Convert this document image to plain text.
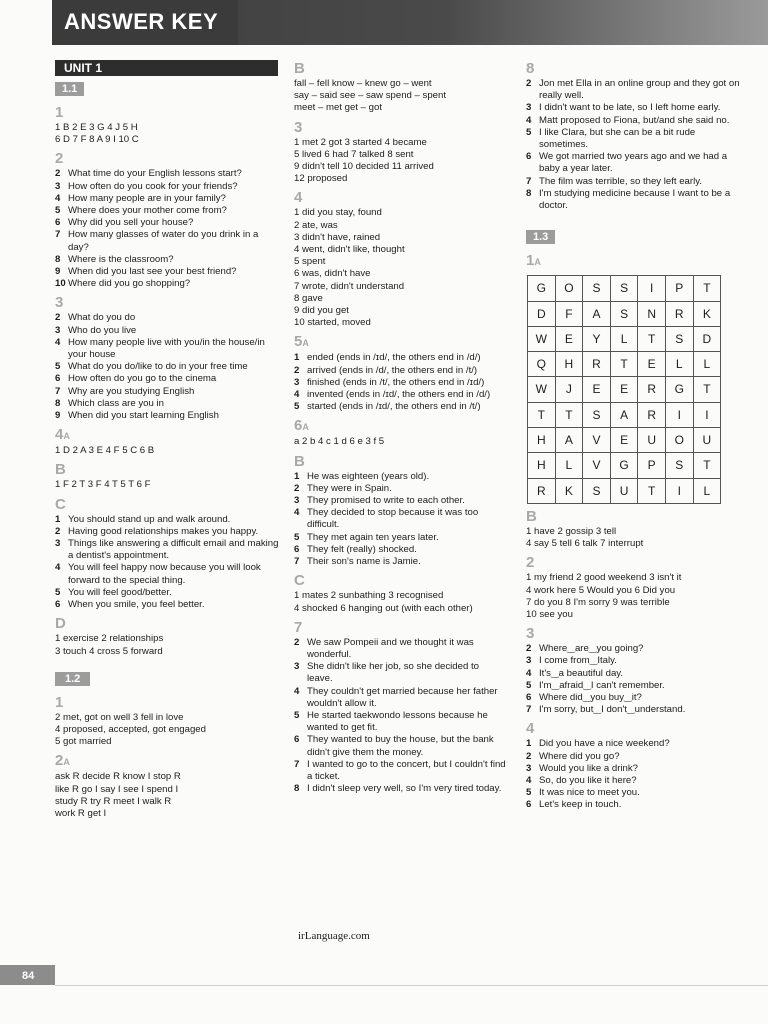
ANSWER KEY
UNIT 1
1.1
1
1 B 2 E 3 G 4 J 5 H
6 D 7 F 8 A 9 I 10 C
2
2 What time do your English lessons start?
3 How often do you cook for your friends?
4 How many people are in your family?
5 Where does your mother come from?
6 Why did you sell your house?
7 How many glasses of water do you drink in a day?
8 Where is the classroom?
9 When did you last see your best friend?
10 Where did you go shopping?
3
2 What do you do
3 Who do you live
4 How many people live with you/in the house/in your house
5 What do you do/like to do in your free time
6 How often do you go to the cinema
7 Why are you studying English
8 Which class are you in
9 When did you start learning English
4A
1 D 2 A 3 E 4 F 5 C 6 B
B
1 F 2 T 3 F 4 T 5 T 6 F
C
1 You should stand up and walk around.
2 Having good relationships makes you happy.
3 Things like answering a difficult email and making a dentist's appointment.
4 You will feel happy now because you will look forward to the special thing.
5 You will feel good/better.
6 When you smile, you feel better.
D
1 exercise 2 relationships
3 touch 4 cross 5 forward
1.2
1
2 met, got on well 3 fell in love
4 proposed, accepted, got engaged
5 got married
2A
ask R decide R know I stop R
like R go I say I see I spend I
study R try R meet I walk R
work R get I
B
fall – fell know – knew go – went
say – said see – saw spend – spent
meet – met get – got
3
1 met 2 got 3 started 4 became
5 lived 6 had 7 talked 8 sent
9 didn't tell 10 decided 11 arrived
12 proposed
4
1 did you stay, found
2 ate, was
3 didn't have, rained
4 went, didn't like, thought
5 spent
6 was, didn't have
7 wrote, didn't understand
8 gave
9 did you get
10 started, moved
5A
1 ended (ends in /ɪd/, the others end in /d/)
2 arrived (ends in /d/, the others end in /t/)
3 finished (ends in /t/, the others end in /ɪd/)
4 invented (ends in /ɪd/, the others end in /d/)
5 started (ends in /ɪd/, the others end in /t/)
6A
a 2 b 4 c 1 d 6 e 3 f 5
B
1 He was eighteen (years old).
2 They were in Spain.
3 They promised to write to each other.
4 They decided to stop because it was too difficult.
5 They met again ten years later.
6 They felt (really) shocked.
7 Their son's name is Jamie.
C
1 mates 2 sunbathing 3 recognised
4 shocked 6 hanging out (with each other)
7
2 We saw Pompeii and we thought it was wonderful.
3 She didn't like her job, so she decided to leave.
4 They couldn't get married because her father wouldn't allow it.
5 He started taekwondo lessons because he wanted to get fit.
6 They wanted to buy the house, but the bank didn't give them the money.
7 I wanted to go to the concert, but I couldn't find a ticket.
8 I didn't sleep very well, so I'm very tired today.
8
2 Jon met Ella in an online group and they got on really well.
3 I didn't want to be late, so I left home early.
4 Matt proposed to Fiona, but/and she said no.
5 I like Clara, but she can be a bit rude sometimes.
6 We got married two years ago and we had a baby a year later.
7 The film was terrible, so they left early.
8 I'm studying medicine because I want to be a doctor.
1.3
1A
G	O	S	S	I	P	T
D	F	A	S	N	R	K
W	E	Y	L	T	S	D
Q	H	R	T	E	L	L
W	J	E	E	R	G	T
T	T	S	A	R	I	I
H	A	V	E	U	O	U
H	L	V	G	P	S	T
R	K	S	U	T	I	L
B
1 have 2 gossip 3 tell
4 say 5 tell 6 talk 7 interrupt
2
1 my friend 2 good weekend 3 isn't it
4 work here 5 Would you 6 Did you
7 do you 8 I'm sorry 9 was terrible
10 see you
3
2 Where‿are‿you going?
3 I come from‿Italy.
4 It's‿a beautiful day.
5 I'm‿afraid‿I can't remember.
6 Where did‿you buy‿it?
7 I'm sorry, but‿I don't‿understand.
4
1 Did you have a nice weekend?
2 Where did you go?
3 Would you like a drink?
4 So, do you like it here?
5 It was nice to meet you.
6 Let's keep in touch.
irLanguage.com
84
